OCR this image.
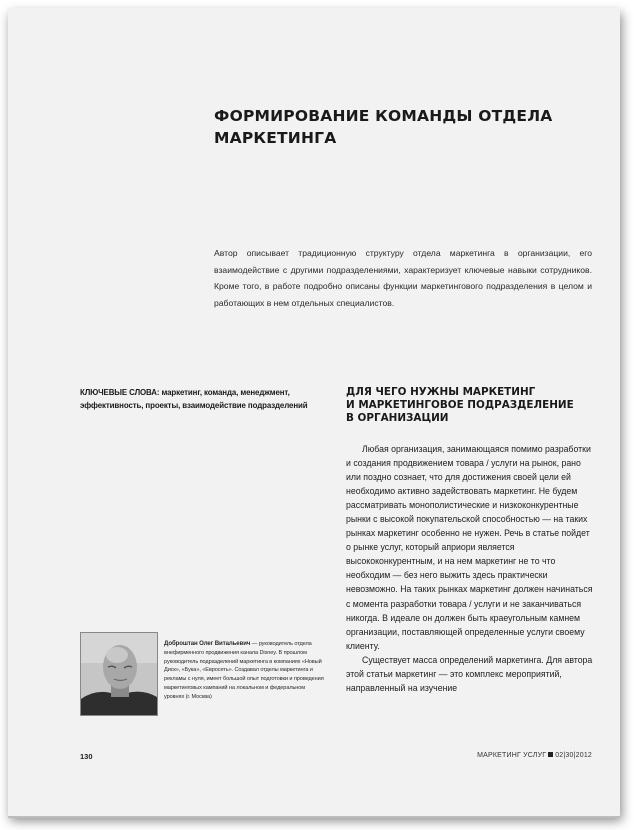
ФОРМИРОВАНИЕ КОМАНДЫ ОТДЕЛА
МАРКЕТИНГА
Автор описывает традиционную структуру отдела маркетинга в организации, его взаимодействие с другими подразделениями, характеризует ключевые навыки сотрудников. Кроме того, в работе подробно описаны функции маркетингового подразделения в целом и работающих в нем отдельных специалистов.
КЛЮЧЕВЫЕ СЛОВА: маркетинг, команда, менеджмент, эффективность, проекты, взаимодействие подразделений
ДЛЯ ЧЕГО НУЖНЫ МАРКЕТИНГ
И МАРКЕТИНГОВОЕ ПОДРАЗДЕЛЕНИЕ
В ОРГАНИЗАЦИИ

Любая организация, занимающаяся помимо разработки и создания продвижением товара / услуги на рынок, рано или поздно сознает, что для достижения своей цели ей необходимо активно задействовать маркетинг. Не будем рассматривать монополистические и низкоконкурентные рынки с высокой покупательской способностью — на таких рынках маркетинг особенно не нужен. Речь в статье пойдет о рынке услуг, который априори является высококонкурентным, и на нем маркетинг не то что необходим — без него выжить здесь практически невозможно. На таких рынках маркетинг должен начинаться с момента разработки товара / услуги и не заканчиваться никогда. В идеале он должен быть краеугольным камнем организации, поставляющей определенные услуги своему клиенту.

Существует масса определений маркетинга. Для автора этой статьи маркетинг — это комплекс мероприятий, направленный на изучение

Доброштан Олег Витальевич — руководитель отдела внефирменного продвижения канала Disney. В прошлом руководитель подразделений маркетинга в компаниях «Новый Диск», «Бука», «Евросеть». Создавал отделы маркетинга и рекламы с нуля, имеет большой опыт подготовки и проведения маркетинговых кампаний на локальном и федеральном уровнях (г. Москва)
130	МАРКЕТИНГ УСЛУГ 02|30|2012
